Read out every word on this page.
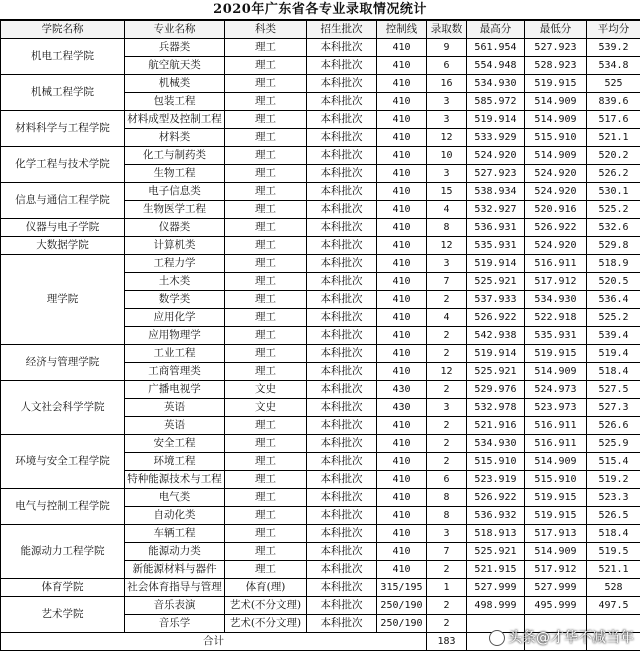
2020年广东省各专业录取情况统计
学院名称	专业名称	科类	招生批次	控制线	录取数	最高分	最低分	平均分
机电工程学院	兵器类	理工	本科批次	410	9	561.954	527.923	539.2
	航空航天类	理工	本科批次	410	6	554.948	528.923	534.8
机械工程学院	机械类	理工	本科批次	410	16	534.930	519.915	525
	包装工程	理工	本科批次	410	3	585.972	514.909	839.6
材料科学与工程学院	材料成型及控制工程	理工	本科批次	410	3	519.914	514.909	517.6
	材料类	理工	本科批次	410	12	533.929	515.910	521.1
化学工程与技术学院	化工与制药类	理工	本科批次	410	10	524.920	514.909	520.2
	生物工程	理工	本科批次	410	3	527.923	524.920	526.2
信息与通信工程学院	电子信息类	理工	本科批次	410	15	538.934	524.920	530.1
	生物医学工程	理工	本科批次	410	4	532.927	520.916	525.2
仪器与电子学院	仪器类	理工	本科批次	410	8	536.931	526.922	532.6
大数据学院	计算机类	理工	本科批次	410	12	535.931	524.920	529.8
理学院	工程力学	理工	本科批次	410	3	519.914	516.911	518.9
	土木类	理工	本科批次	410	7	525.921	517.912	520.5
	数学类	理工	本科批次	410	2	537.933	534.930	536.4
	应用化学	理工	本科批次	410	4	526.922	522.918	525.2
	应用物理学	理工	本科批次	410	2	542.938	535.931	539.4
经济与管理学院	工业工程	理工	本科批次	410	2	519.914	519.915	519.4
	工商管理类	理工	本科批次	410	12	525.921	514.909	518.4
人文社会科学学院	广播电视学	文史	本科批次	430	2	529.976	524.973	527.5
	英语	文史	本科批次	430	3	532.978	523.973	527.3
	英语	理工	本科批次	410	2	521.916	516.911	526.6
环境与安全工程学院	安全工程	理工	本科批次	410	2	534.930	516.911	525.9
	环境工程	理工	本科批次	410	2	515.910	514.909	515.4
	特种能源技术与工程	理工	本科批次	410	6	523.919	515.910	519.2
电气与控制工程学院	电气类	理工	本科批次	410	8	526.922	519.915	523.3
	自动化类	理工	本科批次	410	8	536.932	519.915	526.5
能源动力工程学院	车辆工程	理工	本科批次	410	3	518.913	517.913	518.4
	能源动力类	理工	本科批次	410	7	525.921	514.909	519.5
	新能源材料与器件	理工	本科批次	410	2	521.915	517.912	521.1
体育学院	社会体育指导与管理	体育(理)	本科批次	315/195	1	527.999	527.999	528
艺术学院	音乐表演	艺术(不分文理)	本科批次	250/190	2	498.999	495.999	497.5
	音乐学	艺术(不分文理)	本科批次	250/190	2			
合计					183				头条@才华不减当年
